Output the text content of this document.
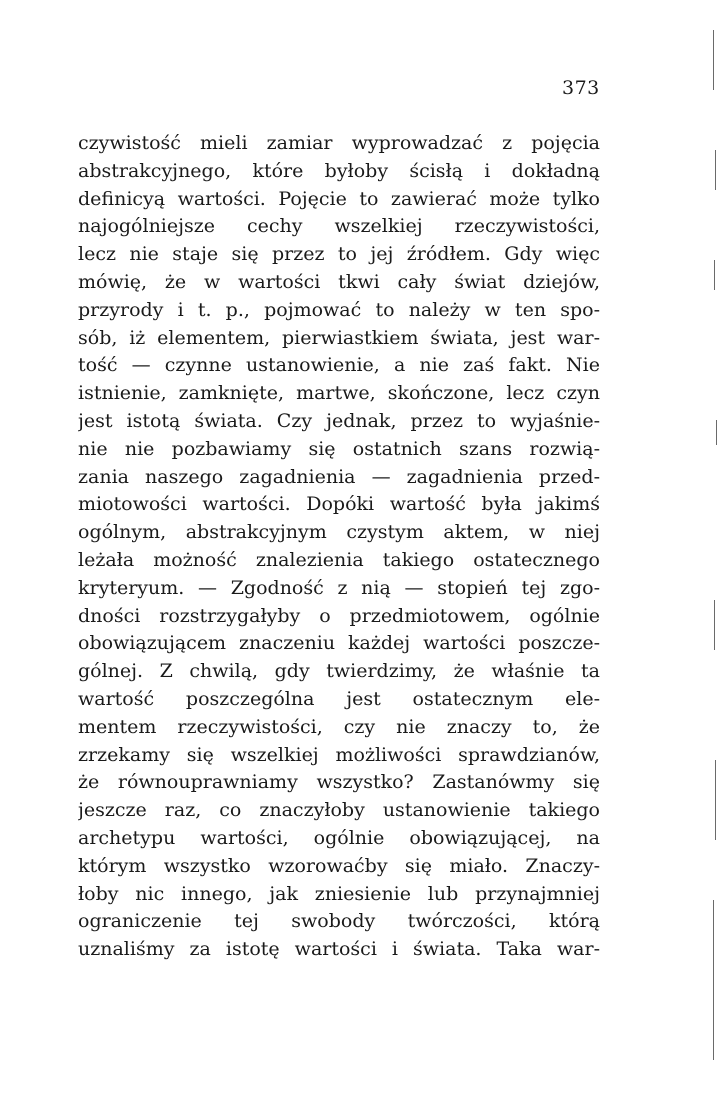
373
czywistość mieli zamiar wyprowadzać z pojęcia
abstrakcyjnego, które byłoby ścisłą i dokładną
definicyą wartości. Pojęcie to zawierać może tylko
najogólniejsze cechy wszelkiej rzeczywistości,
lecz nie staje się przez to jej źródłem. Gdy więc
mówię, że w wartości tkwi cały świat dziejów,
przyrody i t. p., pojmować to należy w ten spo-
sób, iż elementem, pierwiastkiem świata, jest war-
tość — czynne ustanowienie, a nie zaś fakt. Nie
istnienie, zamknięte, martwe, skończone, lecz czyn
jest istotą świata. Czy jednak, przez to wyjaśnie-
nie nie pozbawiamy się ostatnich szans rozwią-
zania naszego zagadnienia — zagadnienia przed-
miotowości wartości. Dopóki wartość była jakimś
ogólnym, abstrakcyjnym czystym aktem, w niej
leżała możność znalezienia takiego ostatecznego
kryteryum. — Zgodność z nią — stopień tej zgo-
dności rozstrzygałyby o przedmiotowem, ogólnie
obowiązującem znaczeniu każdej wartości poszcze-
gólnej. Z chwilą, gdy twierdzimy, że właśnie ta
wartość poszczególna jest ostatecznym ele-
mentem rzeczywistości, czy nie znaczy to, że
zrzekamy się wszelkiej możliwości sprawdzianów,
że równouprawniamy wszystko? Zastanówmy się
jeszcze raz, co znaczyłoby ustanowienie takiego
archetypu wartości, ogólnie obowiązującej, na
którym wszystko wzorowaćby się miało. Znaczy-
łoby nic innego, jak zniesienie lub przynajmniej
ograniczenie tej swobody twórczości, którą
uznaliśmy za istotę wartości i świata. Taka war-
